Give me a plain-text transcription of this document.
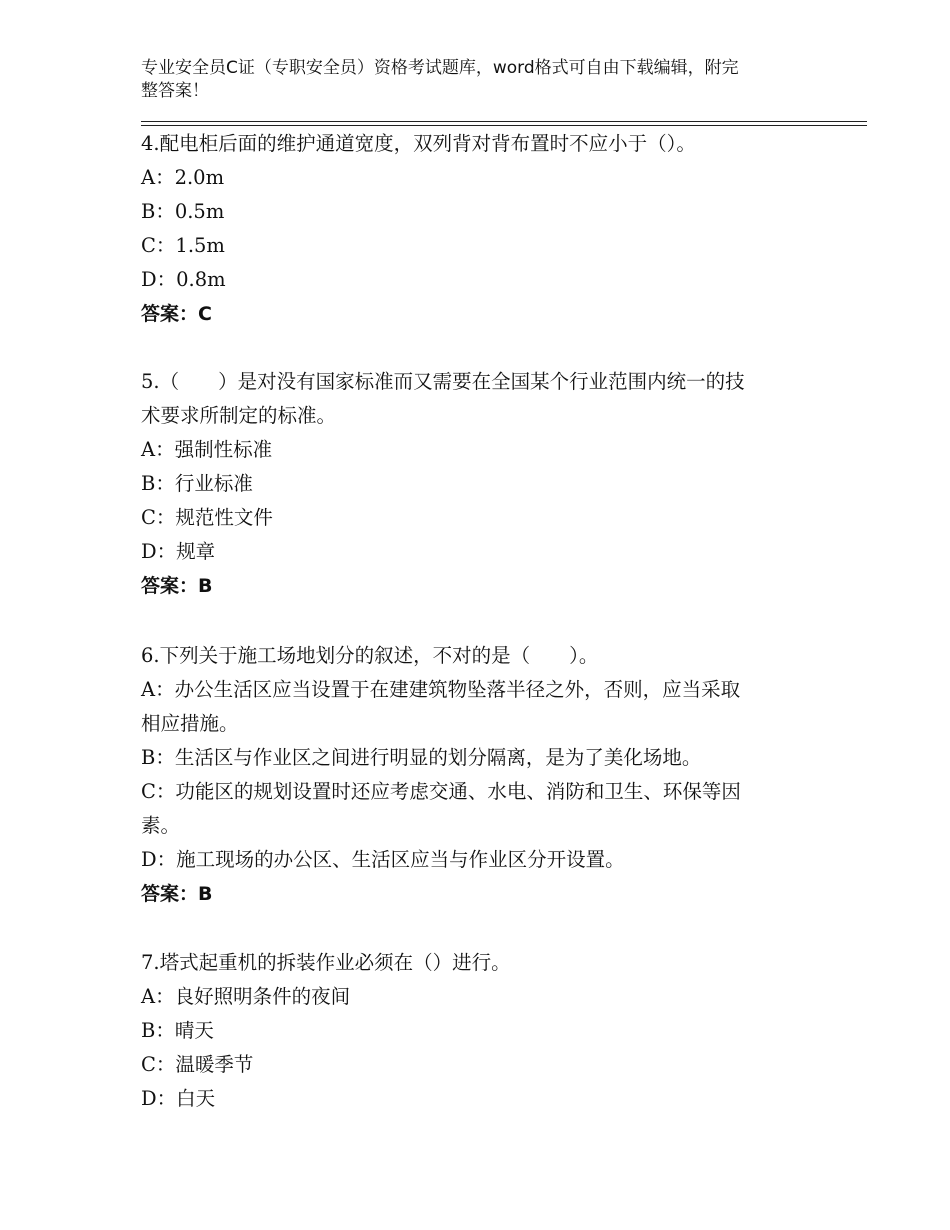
专业安全员C证（专职安全员）资格考试题库，word格式可自由下载编辑，附完
整答案！
4.配电柜后面的维护通道宽度，双列背对背布置时不应小于（）。
A：2.0m
B：0.5m
C：1.5m
D：0.8m
答案：C
5.（　　）是对没有国家标准而又需要在全国某个行业范围内统一的技
术要求所制定的标准。
A：强制性标准
B：行业标准
C：规范性文件
D：规章
答案：B
6.下列关于施工场地划分的叙述，不对的是（　　）。
A：办公生活区应当设置于在建建筑物坠落半径之外，否则，应当采取
相应措施。
B：生活区与作业区之间进行明显的划分隔离，是为了美化场地。
C：功能区的规划设置时还应考虑交通、水电、消防和卫生、环保等因
素。
D：施工现场的办公区、生活区应当与作业区分开设置。
答案：B
7.塔式起重机的拆装作业必须在（）进行。
A：良好照明条件的夜间
B：晴天
C：温暖季节
D：白天
